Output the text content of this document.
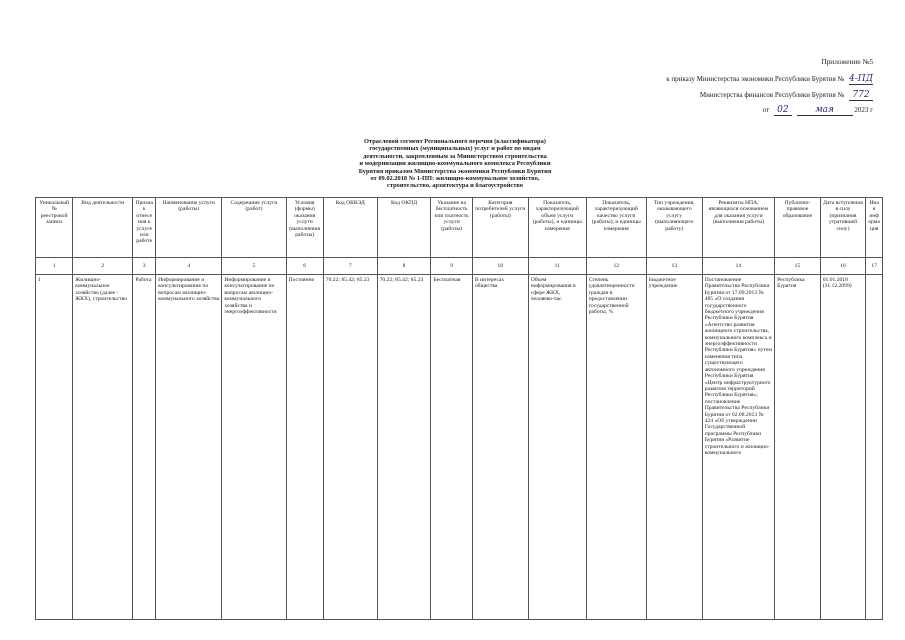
Приложение №5
к приказу Министерства экономики Республики Бурятия № 4-ПД
Министерства финансов Республики Бурятия № 772
от 02	мая	2023 г
Отраслевой сегмент Регионального перечня (классификатора)
государственных (муниципальных) услуг и работ по видам
деятельности, закрепленным за Министерством строительства
и модернизации жилищно-коммунального комплекса Республики
Бурятия приказом Министерства экономики Республики Бурятия
от 09.02.2018 № 1-ПП: жилищно-коммунальное хозяйство,
строительство, архитектура и благоустройство
Уникальный № реестровой записи	Вид деятельности	Признак отнесения к услуге или работе	Наименование услуги (работы)	Содержание услуги (работ)	Условия (формы) оказания услуги (выполнения работы)	Код ОКВЭД	Код ОКПД	Указание на бесплатность или платность услуги (работы)	Категория потребителей услуги (работы)	Показатель, характеризующий объем услуги (работы), и единицы измерения	Показатель, характеризующий качество услуги (работы), и единицы измерения	Тип учреждения, оказывающего услугу (выполняющего работу)	Реквизиты НПА, являющихся основанием для оказания услуги (выполнения работы)	Публично-правовое образование	Дата вступления в силу (признания утратившей силу)	Иная информация
1	2	3	4	5	6	7	8	9	10	11	12	13	14	15	16	17
1	Жилищно-коммунальное хозяйство (далее - ЖКХ), строительство	Работа	Информирование и консультирование по вопросам жилищно-коммунального хозяйства	Информирование и консультирование по вопросам жилищно-коммунального хозяйства и энергоэффективности	Постоянно	70.22; 85.42; 85.23	70.22; 85.42; 85.23	Бесплатная	В интересах общества	Объем информирования в сфере ЖКХ, человеко-час	Степень удовлетворенности граждан в предоставлении государственной работы, %	Бюджетное учреждение	Постановление Правительства Республики Бурятия от 17.09.2013 № 485 «О создании государственного бюджетного учреждения Республики Бурятия «Агентство развития жилищного строительства, коммунального комплекса и энергоэффективности Республики Бурятия» путем изменения типа существующего автономного учреждения Республики Бурятия «Центр инфраструктурного развития территорий Республики Бурятия»; постановление Правительства Республики Бурятия от 02.08.2013 № 424 «Об утверждении Государственной программы Республики Бурятия «Развитие строительного и жилищно-коммунального	Республика Бурятия	01.01.2018 (31.12.2099)	
